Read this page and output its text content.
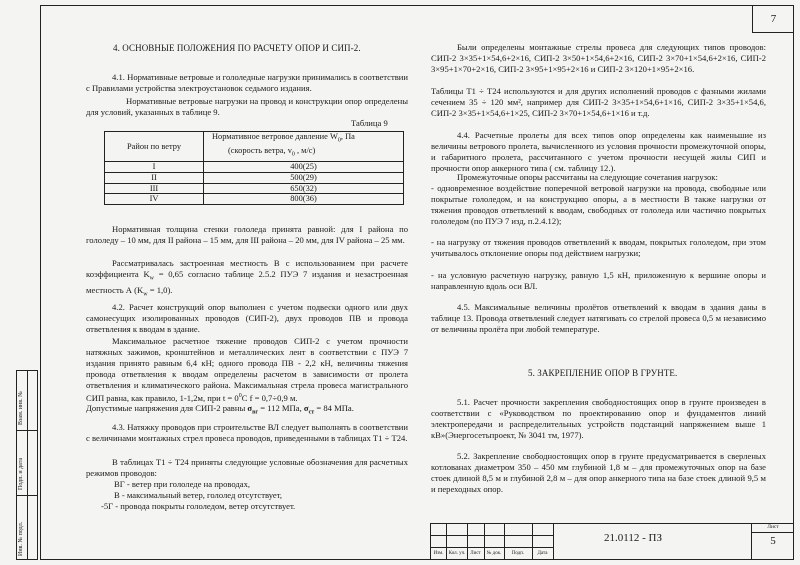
7
Взам. инв. №
Подп. и дата
Инв. № подл.
4. ОСНОВНЫЕ ПОЛОЖЕНИЯ ПО РАСЧЕТУ ОПОР И СИП-2.
4.1. Нормативные ветровые и гололедные нагрузки принимались в соответствии с Правилами устройства электроустановок седьмого издания.
Нормативные ветровые нагрузки на провод и конструкции опор определены для условий, указанных в таблице 9.
Таблица 9
Район по ветру	Нормативное ветровое давление $W_0$, Па
(скорость ветра, $v_0$ , м/с)
I	400(25)
II	500(29)
III	650(32)
IV	800(36)
Нормативная толщина стенки гололеда принята равной: для I района по гололеду – 10 мм, для II района – 15 мм, для III района – 20 мм, для IV района – 25 мм.
Рассматривалась застроенная местность В с использованием при расчете коэффициента $K_w = 0,65$ согласно таблице 2.5.2 ПУЭ 7 издания и незастроенная местность А $(K_w = 1,0)$.
4.2. Расчет конструкций опор выполнен с учетом подвески одного или двух самонесущих изолированных проводов (СИП-2), двух проводов ПВ и провода ответвления к вводам в здание.
Максимальное расчетное тяжение проводов СИП-2 с учетом прочности натяжных зажимов, кронштейнов и металлических лент в соответствии с ПУЭ 7 издания принято равным 6,4 кН; одного провода ПВ - 2,2 кН, величины тяжения провода ответвления к вводам определены расчетом в зависимости от пролета ответвления и климатического района. Максимальная стрела провеса магистрального СИП равна, как правило, 1-1,2м, при $t = 0^0С$ f = 0,7÷0,9 м.
Допустимые напряжения для СИП-2 равны $\sigma_{вг} = 112$ МПа, $\sigma_{ст} = 84$ МПа.
4.3. Натяжку проводов при строительстве ВЛ следует выполнять в соответствии с величинами монтажных стрел провеса проводов, приведенными в таблицах Т1 ÷ Т24.
В таблицах Т1 ÷ Т24 приняты следующие условные обозначения для расчетных режимов проводов:
ВГ - ветер при гололеде на проводах,
В - максимальный ветер, гололед отсутствует,
-5Г - провода покрыты гололедом, ветер отсутствует.
Были определены монтажные стрелы провеса для следующих типов проводов: СИП-2 3×35+1×54,6+2×16, СИП-2 3×50+1×54,6+2×16, СИП-2 3×70+1×54,6+2×16, СИП-2 3×95+1×70+2×16, СИП-2 3×95+1×95+2×16 и СИП-2 3×120+1×95+2×16.
Таблицы Т1 ÷ Т24 используются и для других исполнений проводов с фазными жилами сечением 35 ÷ 120 мм², например для СИП-2 3×35+1×54,6+1×16, СИП-2 3×35+1×54,6, СИП-2 3×35+1×54,6+1×25, СИП-2 3×70+1×54,6+1×16 и т.д.
4.4. Расчетные пролеты для всех типов опор определены как наименьшие из величины ветрового пролета, вычисленного из условия прочности промежуточной опоры, и габаритного пролета, рассчитанного с учетом прочности несущей жилы СИП и прочности опор анкерного типа ( см. таблицу 12.).
Промежуточные опоры рассчитаны на следующие сочетания нагрузок:
- одновременное воздействие поперечной ветровой нагрузки на провода, свободные или покрытые гололедом, и на конструкцию опоры, а в местности В также нагрузки от тяжения проводов ответвлений к вводам, свободных от гололеда или частично покрытых гололедом (по ПУЭ 7 изд, п.2.4.12);
- на нагрузку от тяжения проводов ответвлений к вводам, покрытых гололедом, при этом учитывалось отклонение опоры под действием нагрузки;
- на условную расчетную нагрузку, равную 1,5 кН, приложенную к вершине опоры и направленную вдоль оси ВЛ.
4.5. Максимальные величины пролётов ответвлений к вводам в здания даны в таблице 13. Провода ответвлений следует натягивать со стрелой провеса 0,5 м независимо от величины пролёта при любой температуре.
5. ЗАКРЕПЛЕНИЕ ОПОР В ГРУНТЕ.
5.1. Расчет прочности закрепления свободностоящих опор в грунте произведен в соответствии с «Руководством по проектированию опор и фундаментов линий электропередачи и распределительных устройств подстанций напряжением выше 1 кВ»(Энергосетьпроект, № 3041 тм, 1977).
5.2. Закрепление свободностоящих опор в грунте предусматривается в сверленых котлованах диаметром 350 – 450 мм глубиной 1,8 м – для промежуточных опор на базе стоек длиной 8,5 м и глубиной 2,8 м – для опор анкерного типа на базе стоек длиной 9,5 м и переходных опор.
Изм.	Кол. уч. Лист	№ док.	Подп.	Дата
21.0112 - ПЗ
Лист
5
